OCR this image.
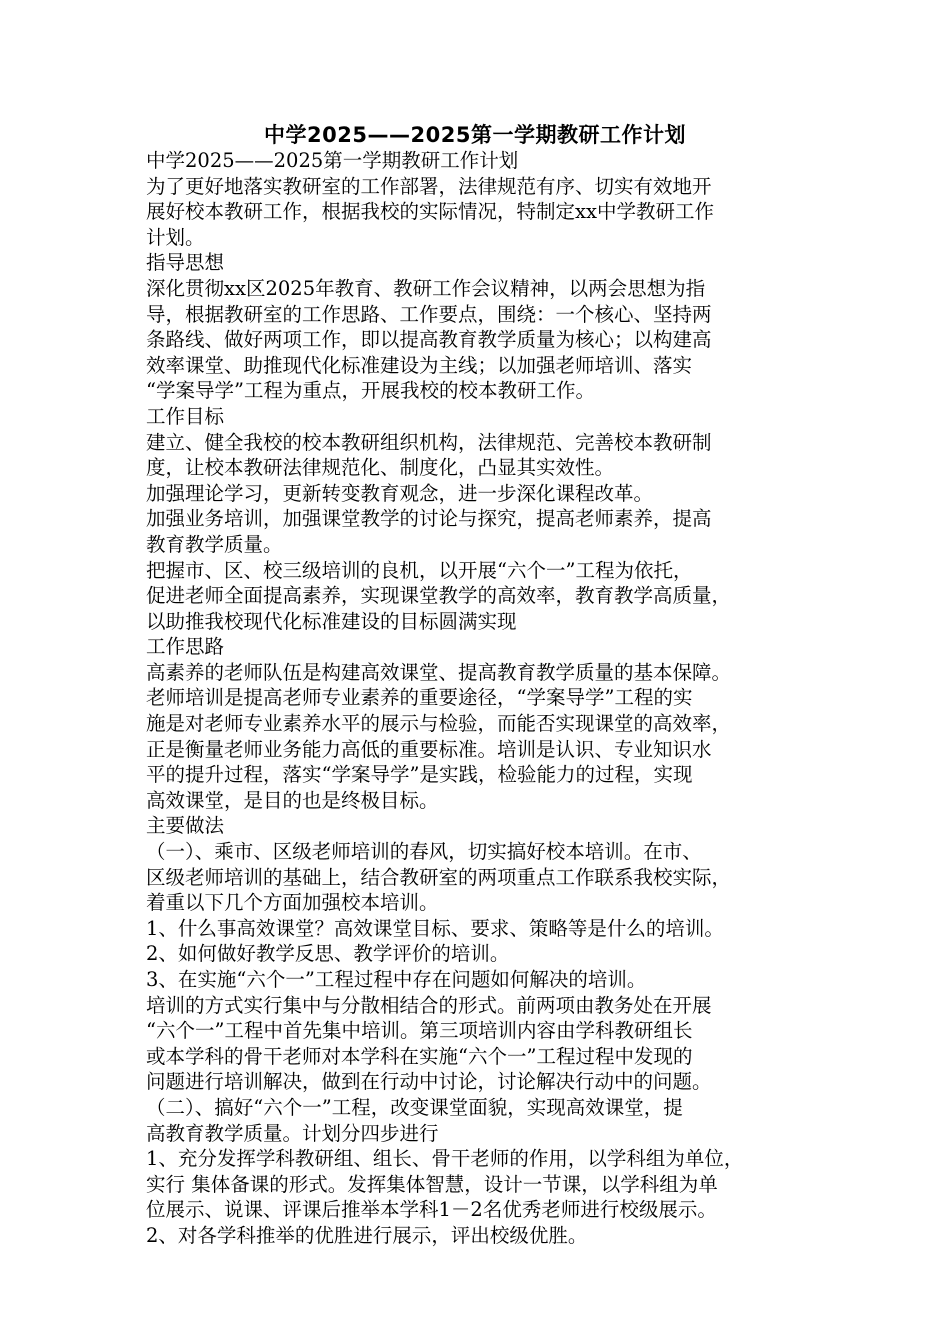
中学2025——2025第一学期教研工作计划
中学2025——2025第一学期教研工作计划
为了更好地落实教研室的工作部署，法律规范有序、切实有效地开
展好校本教研工作，根据我校的实际情况，特制定xx中学教研工作
计划。
指导思想
深化贯彻xx区2025年教育、教研工作会议精神，以两会思想为指
导，根据教研室的工作思路、工作要点，围绕：一个核心、坚持两
条路线、做好两项工作，即以提高教育教学质量为核心；以构建高
效率课堂、助推现代化标准建设为主线；以加强老师培训、落实
“学案导学”工程为重点，开展我校的校本教研工作。
工作目标
建立、健全我校的校本教研组织机构，法律规范、完善校本教研制
度，让校本教研法律规范化、制度化，凸显其实效性。
加强理论学习，更新转变教育观念，进一步深化课程改革。
加强业务培训，加强课堂教学的讨论与探究，提高老师素养，提高
教育教学质量。
把握市、区、校三级培训的良机，以开展“六个一”工程为依托，
促进老师全面提高素养，实现课堂教学的高效率，教育教学高质量，
以助推我校现代化标准建设的目标圆满实现
工作思路
高素养的老师队伍是构建高效课堂、提高教育教学质量的基本保障。
老师培训是提高老师专业素养的重要途径，“学案导学”工程的实
施是对老师专业素养水平的展示与检验，而能否实现课堂的高效率，
正是衡量老师业务能力高低的重要标准。培训是认识、专业知识水
平的提升过程，落实“学案导学”是实践，检验能力的过程，实现
高效课堂，是目的也是终极目标。
主要做法
（一）、乘市、区级老师培训的春风，切实搞好校本培训。在市、
区级老师培训的基础上，结合教研室的两项重点工作联系我校实际，
着重以下几个方面加强校本培训。
1、什么事高效课堂？高效课堂目标、要求、策略等是什么的培训。
2、如何做好教学反思、教学评价的培训。
3、在实施“六个一”工程过程中存在问题如何解决的培训。
培训的方式实行集中与分散相结合的形式。前两项由教务处在开展
“六个一”工程中首先集中培训。第三项培训内容由学科教研组长
或本学科的骨干老师对本学科在实施“六个一”工程过程中发现的
问题进行培训解决，做到在行动中讨论，讨论解决行动中的问题。
（二）、搞好“六个一”工程，改变课堂面貌，实现高效课堂，提
高教育教学质量。计划分四步进行
1、充分发挥学科教研组、组长、骨干老师的作用，以学科组为单位，
实行 集体备课的形式。发挥集体智慧，设计一节课，以学科组为单
位展示、说课、评课后推举本学科1－2名优秀老师进行校级展示。
2、对各学科推举的优胜进行展示，评出校级优胜。
